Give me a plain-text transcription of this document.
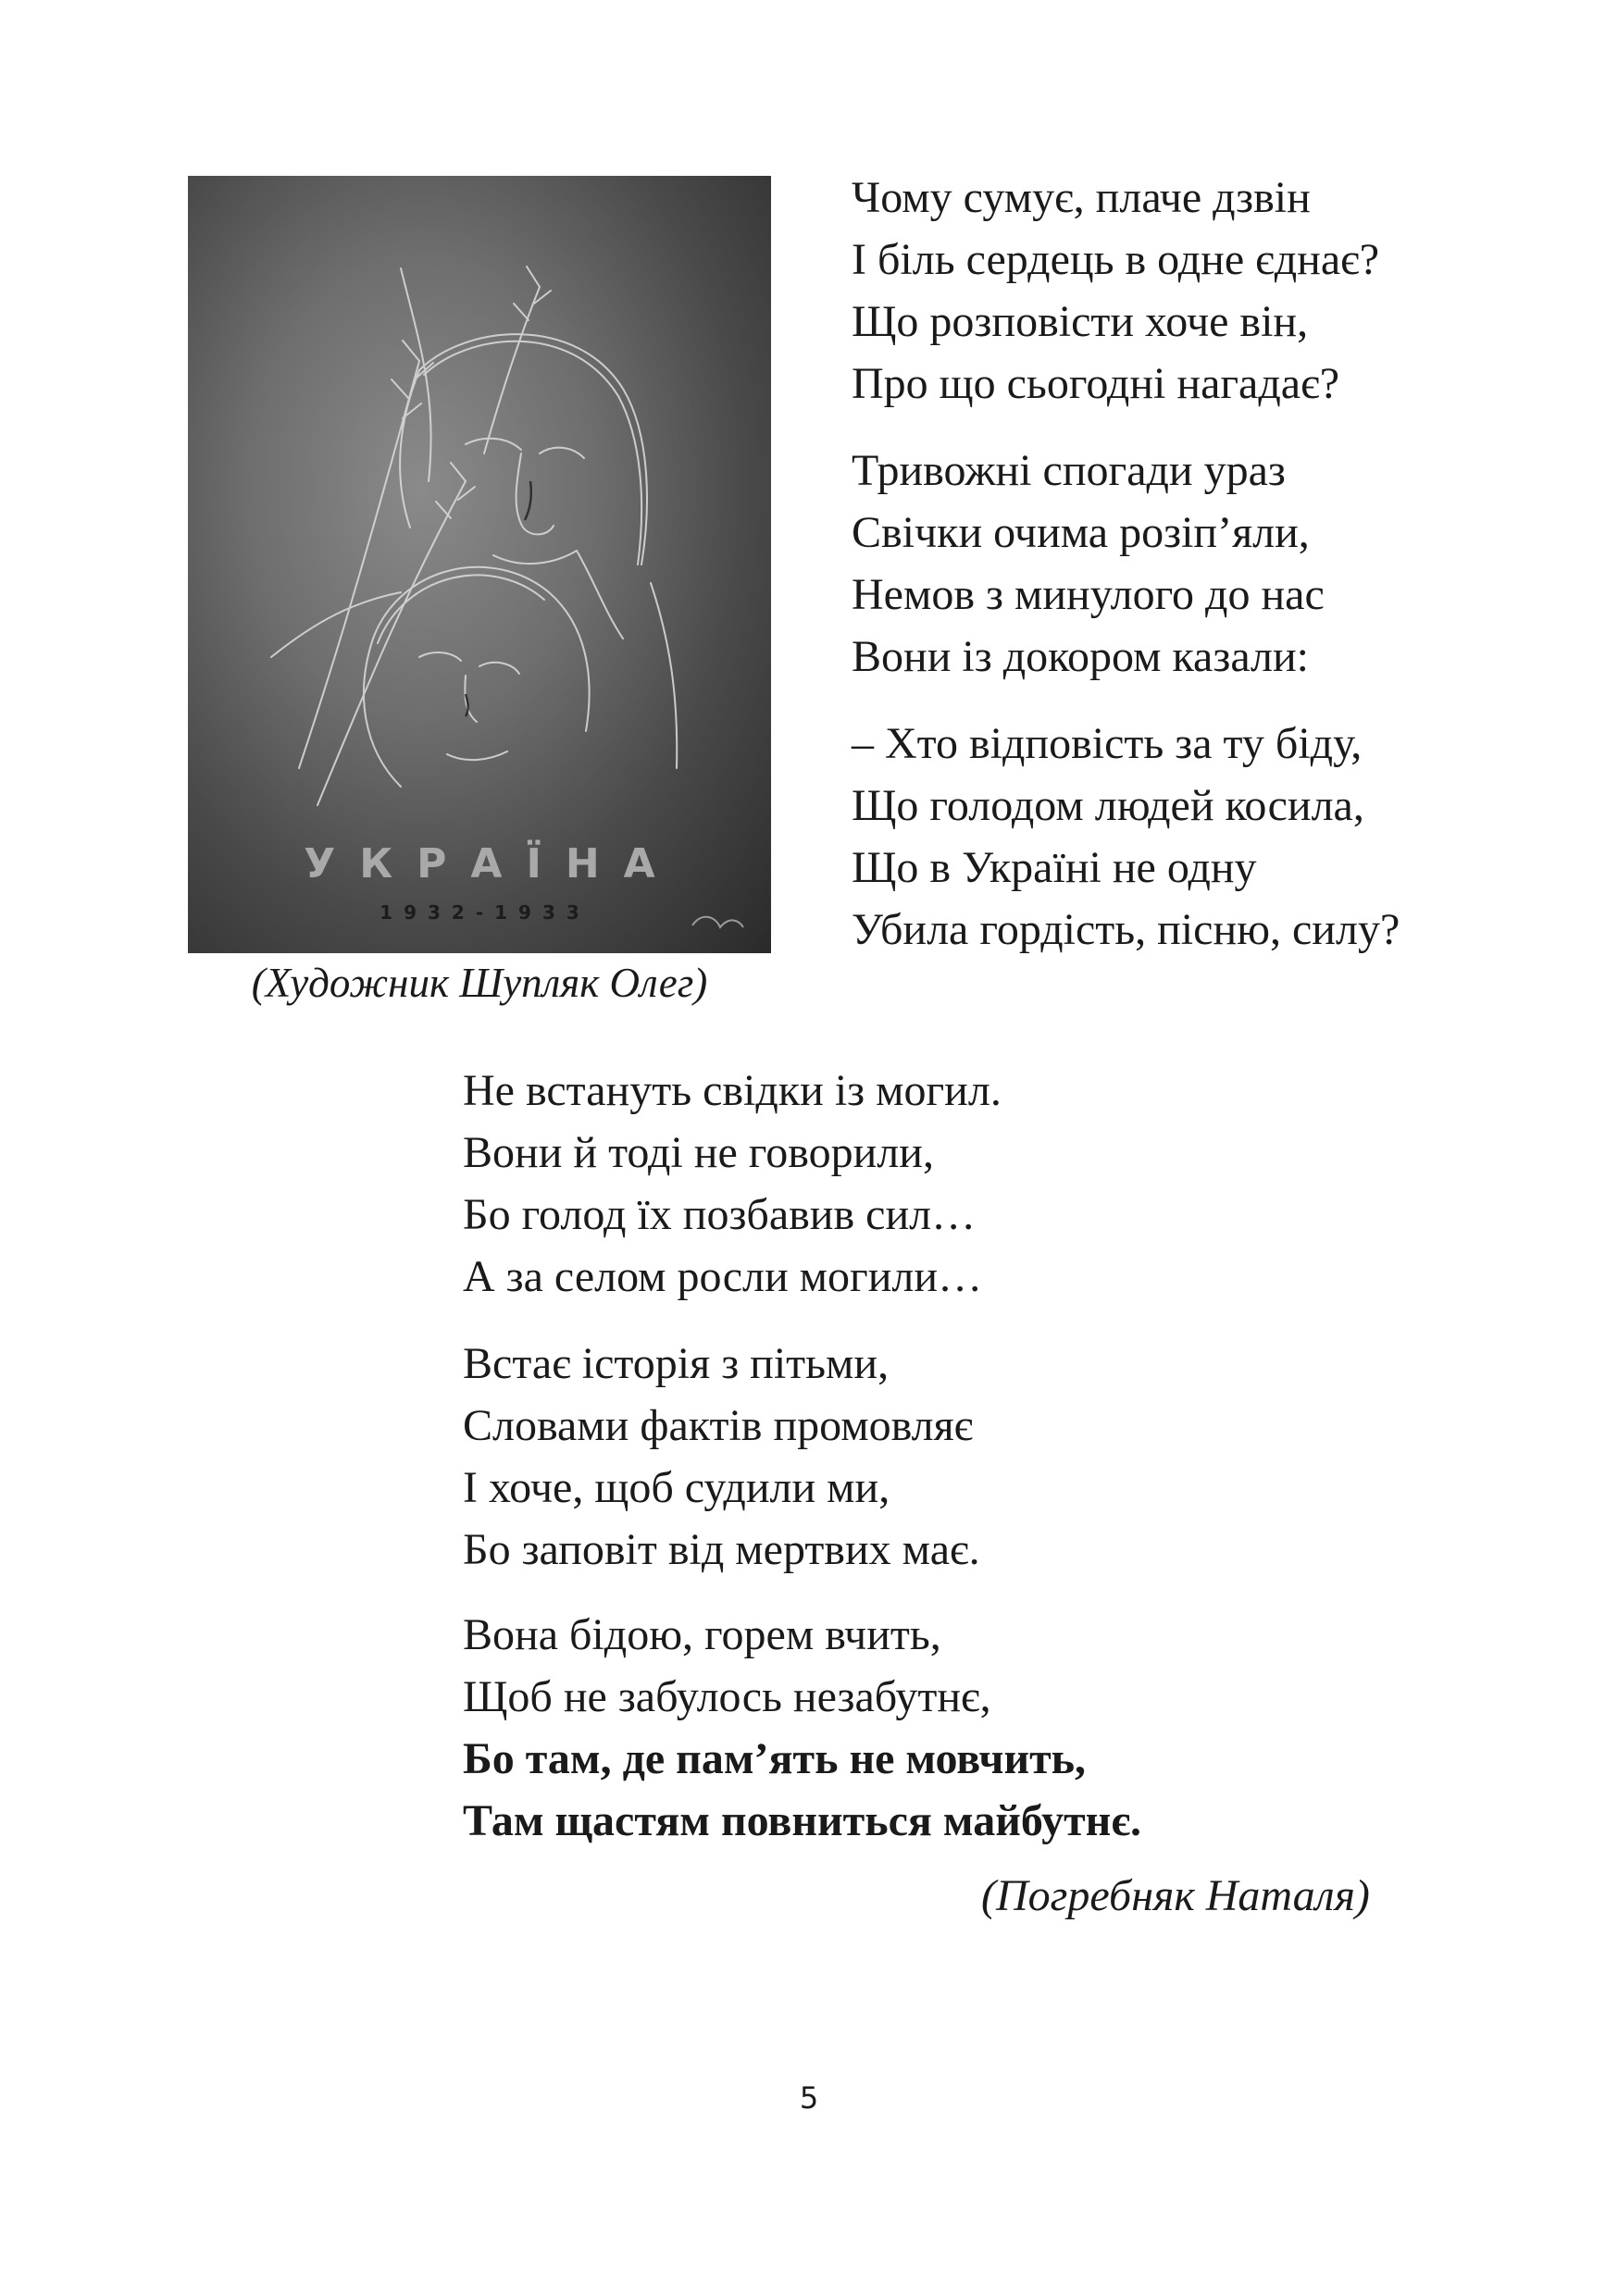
УКРАЇНА
1932-1933
(Художник Шупляк Олег)
Чому сумує, плаче дзвін
І біль сердець в одне єднає?
Що розповісти хоче він,
Про що сьогодні нагадає?
Тривожні спогади ураз
Свічки очима розіп’яли,
Немов з минулого до нас
Вони із докором казали:
– Хто відповість за ту біду,
Що голодом людей косила,
Що в Україні не одну
Убила гордість, пісню, силу?
Не встануть свідки із могил.
Вони й тоді не говорили,
Бо голод їх позбавив сил…
А за селом росли могили…
Встає історія з пітьми,
Словами фактів промовляє
І хоче, щоб судили ми,
Бо заповіт від мертвих має.
Вона бідою, горем вчить,
Щоб не забулось незабутнє,
Бо там, де пам’ять не мовчить,
Там щастям повниться майбутнє.
(Погребняк Наталя)
5
